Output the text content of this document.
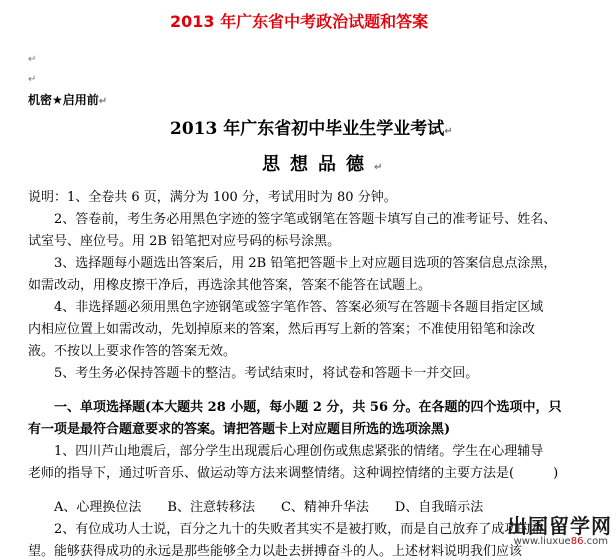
2013 年广东省中考政治试题和答案
↵
↵
机密★启用前↵
2013 年广东省初中毕业生学业考试↵
思想品德↵
说明：1、全卷共 6 页，满分为 100 分，考试用时为 80 分钟。
2、答卷前，考生务必用黑色字迹的签字笔或钢笔在答题卡填写自己的准考证号、姓名、
试室号、座位号。用 2B 铅笔把对应号码的标号涂黑。
3、选择题每小题选出答案后，用 2B 铅笔把答题卡上对应题目选项的答案信息点涂黑，
如需改动，用橡皮擦干净后，再选涂其他答案，答案不能答在试题上。
4、非选择题必须用黑色字迹钢笔或签字笔作答、答案必须写在答题卡各题目指定区域
内相应位置上如需改动，先划掉原来的答案，然后再写上新的答案；不准使用铅笔和涂改
液。不按以上要求作答的答案无效。
5、考生务必保持答题卡的整洁。考试结束时，将试卷和答题卡一并交回。
一、单项选择题(本大题共 28 小题，每小题 2 分，共 56 分。在各题的四个选项中，只
有一项是最符合题意要求的答案。请把答题卡上对应题目所选的选项涂黑)
1、四川芦山地震后，部分学生出现震后心理创伤或焦虑紧张的情绪。学生在心理辅导
老师的指导下，通过听音乐、做运动等方法来调整情绪。这种调控情绪的主要方法是(　　　)
A、心理换位法　　B、注意转移法　　C、精神升华法　　D、自我暗示法
2、有位成功人士说，百分之九十的失败者其实不是被打败，而是自己放弃了成功的希
望。能够获得成功的永远是那些能够全力以赴去拼搏奋斗的人。上述材料说明我们应该
出国留学网
www.liuxue86.com
